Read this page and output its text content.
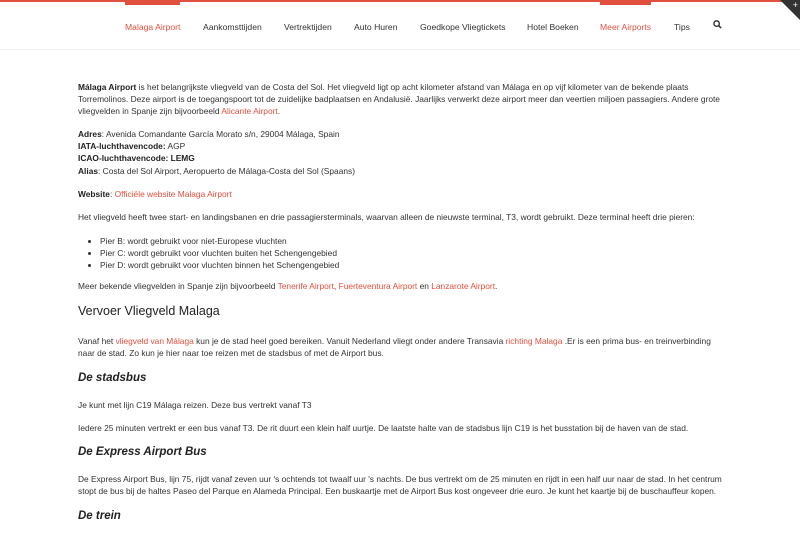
Malaga Airport	Aankomsttijden	Vertrektijden	Auto Huren	Goedkope Vliegtickets Hotel Boeken Meer Airports	Tips
+

Málaga Airport is het belangrijkste vliegveld van de Costa del Sol. Het vliegveld ligt op acht kilometer afstand van Málaga en op vijf kilometer van de bekende plaats Torremolinos. Deze airport is de toegangspoort tot de zuidelijke badplaatsen en Andalusië. Jaarlijks verwerkt deze airport meer dan veertien miljoen passagiers. Andere grote vliegvelden in Spanje zijn bijvoorbeeld Alicante Airport.

Adres: Avenida Comandante García Morato s/n, 29004 Málaga, Spain
IATA-luchthavencode: AGP
ICAO-luchthavencode: LEMG
Alias: Costa del Sol Airport, Aeropuerto de Málaga-Costa del Sol (Spaans)
Website: Officiële website Malaga Airport

Het vliegveld heeft twee start- en landingsbanen en drie passagiersterminals, waarvan alleen de nieuwste terminal, T3, wordt gebruikt. Deze terminal heeft drie pieren:

• Pier B: wordt gebruikt voor niet-Europese vluchten
• Pier C: wordt gebruikt voor vluchten buiten het Schengengebied
• Pier D: wordt gebruikt voor vluchten binnen het Schengengebied

Meer bekende vliegvelden in Spanje zijn bijvoorbeeld Tenerife Airport, Fuerteventura Airport en Lanzarote Airport.

Vervoer Vliegveld Malaga

Vanaf het vliegveld van Málaga kun je de stad heel goed bereiken. Vanuit Nederland vliegt onder andere Transavia richting Malaga .Er is een prima bus- en treinverbinding naar de stad. Zo kun je hier naar toe reizen met de stadsbus of met de Airport bus.

De stadsbus

Je kunt met lijn C19 Málaga reizen. Deze bus vertrekt vanaf T3

Iedere 25 minuten vertrekt er een bus vanaf T3. De rit duurt een klein half uurtje. De laatste halte van de stadsbus lijn C19 is het busstation bij de haven van de stad.

De Express Airport Bus

De Express Airport Bus, lijn 75, rijdt vanaf zeven uur 's ochtends tot twaalf uur 's nachts. De bus vertrekt om de 25 minuten en rijdt in een half uur naar de stad. In het centrum stopt de bus bij de haltes Paseo del Parque en Alameda Principal. Een buskaartje met de Airport Bus kost ongeveer drie euro. Je kunt het kaartje bij de buschauffeur kopen.

De trein
